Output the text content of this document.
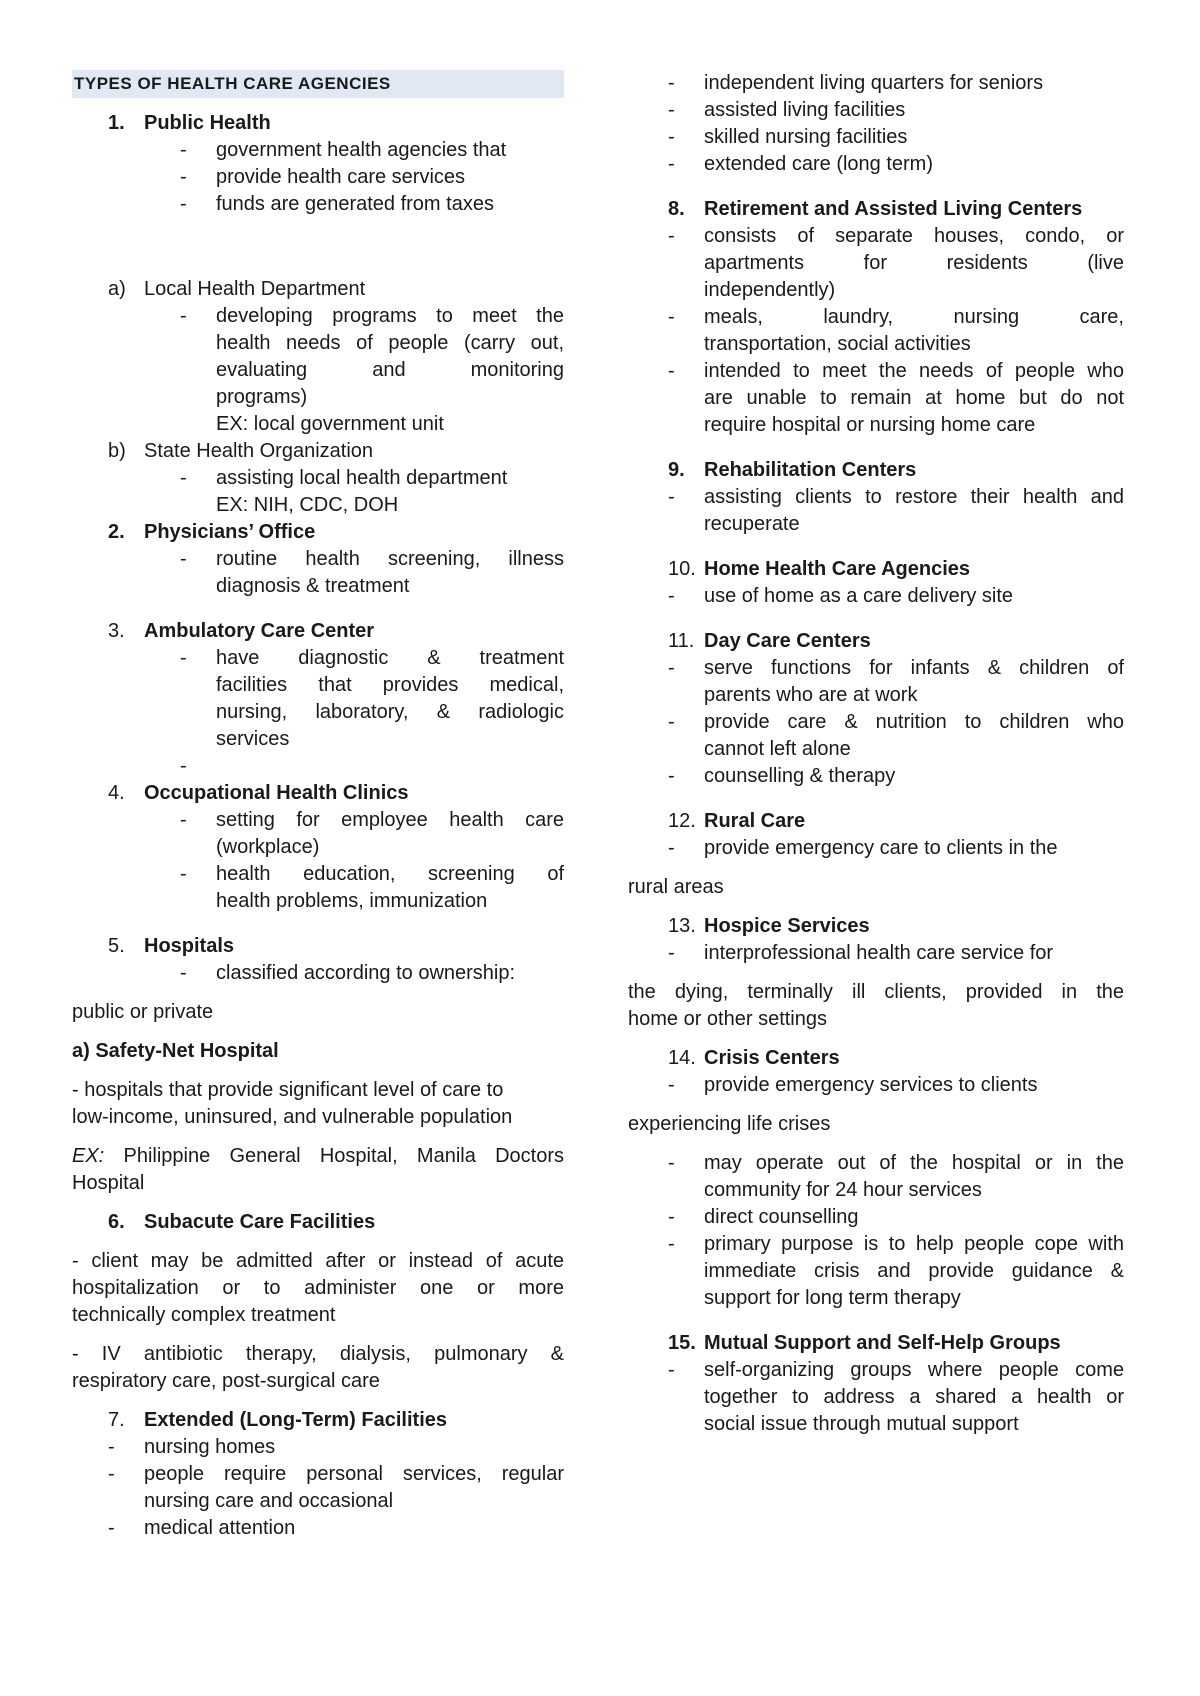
TYPES OF HEALTH CARE AGENCIES
1. Public Health
- government health agencies that
- provide health care services
- funds are generated from taxes
a) Local Health Department
- developing programs to meet the
health needs of people (carry out,
evaluating and monitoring
programs)
EX: local government unit
b) State Health Organization
- assisting local health department
EX: NIH, CDC, DOH
2. Physicians’ Office
- routine health screening, illness
diagnosis & treatment
3. Ambulatory Care Center
- have diagnostic & treatment
facilities that provides medical,
nursing, laboratory, & radiologic
services
-

4. Occupational Health Clinics
- setting for employee health care
(workplace)
- health education, screening of
health problems, immunization
5. Hospitals
- classified according to ownership:
public or private
a) Safety-Net Hospital
- hospitals that provide significant level of care to
low-income, uninsured, and vulnerable population
EX: Philippine General Hospital, Manila Doctors
Hospital
6. Subacute Care Facilities
- client may be admitted after or instead of acute
hospitalization or to administer one or more
technically complex treatment
- IV antibiotic therapy, dialysis, pulmonary &
respiratory care, post-surgical care
7. Extended (Long-Term) Facilities
- nursing homes
- people require personal services, regular
nursing care and occasional
- medical attention
- independent living quarters for seniors
- assisted living facilities
- skilled nursing facilities
- extended care (long term)
8. Retirement and Assisted Living Centers
- consists of separate houses, condo, or
apartments for residents (live
independently)
- meals, laundry, nursing care,
transportation, social activities
- intended to meet the needs of people who
are unable to remain at home but do not
require hospital or nursing home care
9. Rehabilitation Centers
- assisting clients to restore their health and
recuperate
10. Home Health Care Agencies
- use of home as a care delivery site
11. Day Care Centers
- serve functions for infants & children of
parents who are at work
- provide care & nutrition to children who
cannot left alone
- counselling & therapy
12. Rural Care
- provide emergency care to clients in the
rural areas
13. Hospice Services
- interprofessional health care service for
the dying, terminally ill clients, provided in the
home or other settings
14. Crisis Centers
- provide emergency services to clients
experiencing life crises
- may operate out of the hospital or in the
community for 24 hour services
- direct counselling
- primary purpose is to help people cope with
immediate crisis and provide guidance &
support for long term therapy
15. Mutual Support and Self-Help Groups
- self-organizing groups where people come
together to address a shared a health or
social issue through mutual support
